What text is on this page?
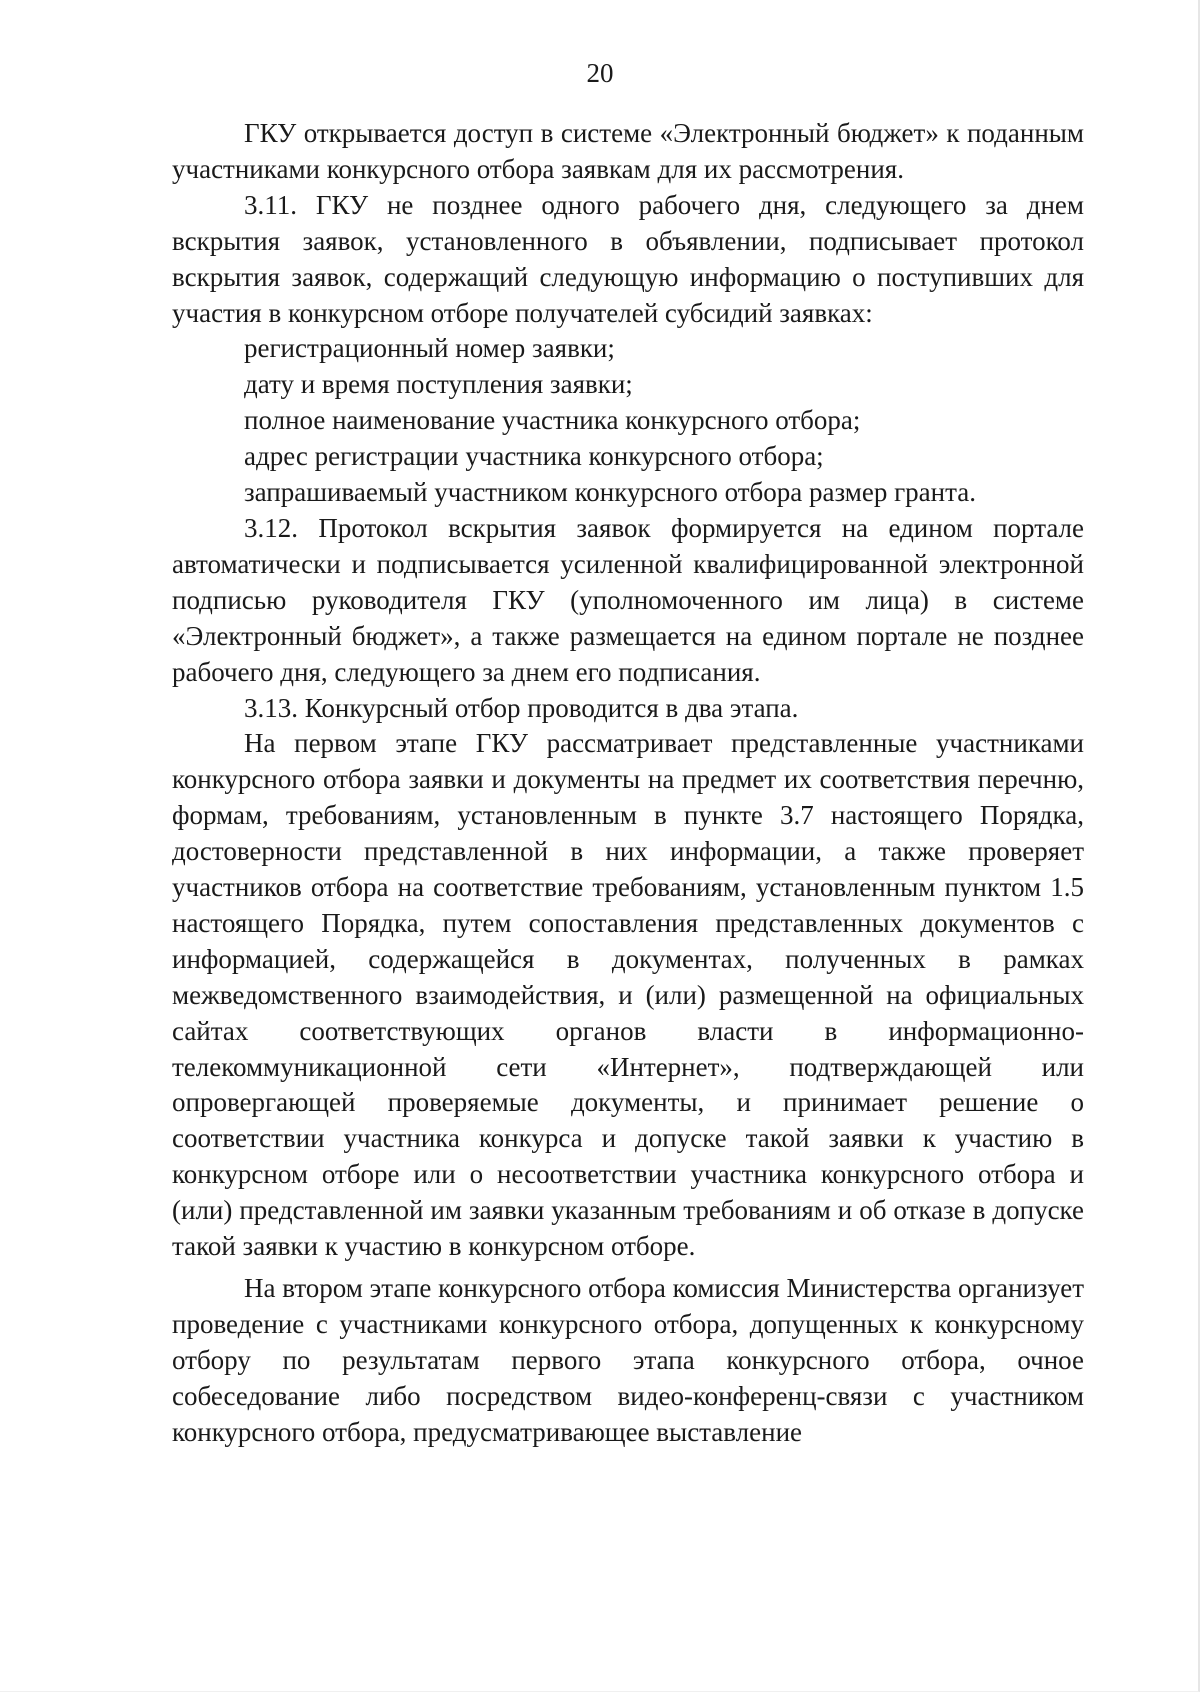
20

ГКУ открывается доступ в системе «Электронный бюджет» к поданным участниками конкурсного отбора заявкам для их рассмотрения.

3.11. ГКУ не позднее одного рабочего дня, следующего за днем вскрытия заявок, установленного в объявлении, подписывает протокол вскрытия заявок, содержащий следующую информацию о поступивших для участия в конкурсном отборе получателей субсидий заявках:

регистрационный номер заявки;

дату и время поступления заявки;

полное наименование участника конкурсного отбора;

адрес регистрации участника конкурсного отбора;

запрашиваемый участником конкурсного отбора размер гранта.

3.12. Протокол вскрытия заявок формируется на едином портале автоматически и подписывается усиленной квалифицированной электронной подписью руководителя ГКУ (уполномоченного им лица) в системе «Электронный бюджет», а также размещается на едином портале не позднее рабочего дня, следующего за днем его подписания.

3.13. Конкурсный отбор проводится в два этапа.

На первом этапе ГКУ рассматривает представленные участниками конкурсного отбора заявки и документы на предмет их соответствия перечню, формам, требованиям, установленным в пункте 3.7 настоящего Порядка, достоверности представленной в них информации, а также проверяет участников отбора на соответствие требованиям, установленным пунктом 1.5 настоящего Порядка, путем сопоставления представленных документов с информацией, содержащейся в документах, полученных в рамках межведомственного взаимодействия, и (или) размещенной на официальных сайтах соответствующих органов власти в информационно-телекоммуникационной сети «Интернет», подтверждающей или опровергающей проверяемые документы, и принимает решение о соответствии участника конкурса и допуске такой заявки к участию в конкурсном отборе или о несоответствии участника конкурсного отбора и (или) представленной им заявки указанным требованиям и об отказе в допуске такой заявки к участию в конкурсном отборе.

На втором этапе конкурсного отбора комиссия Министерства организует проведение с участниками конкурсного отбора, допущенных к конкурсному отбору по результатам первого этапа конкурсного отбора, очное собеседование либо посредством видео-конференц-связи с участником конкурсного отбора, предусматривающее выставление
